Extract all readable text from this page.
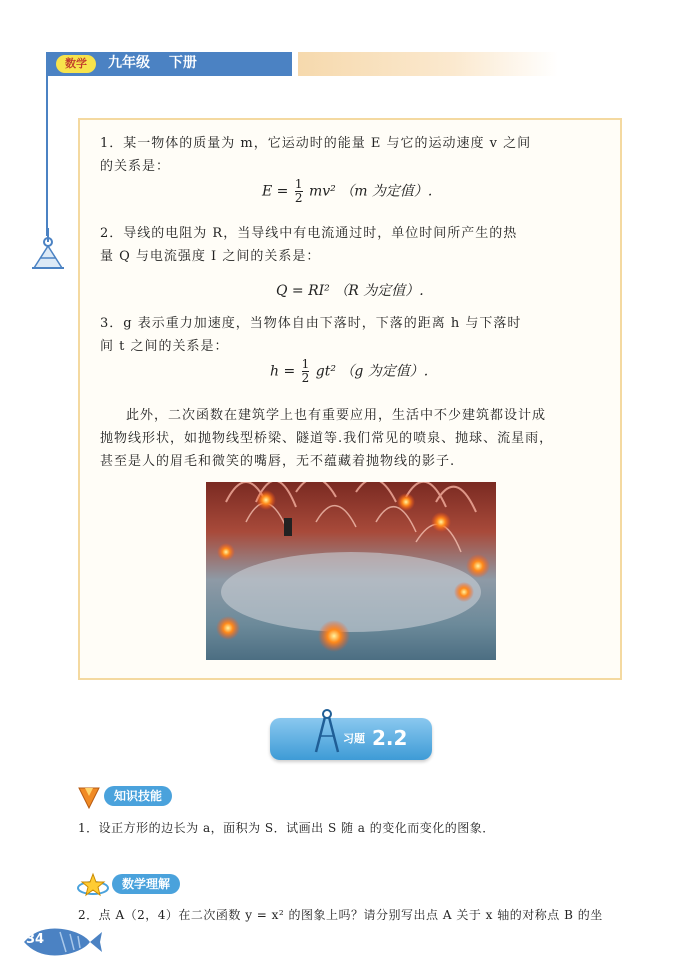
数学	九年级 下册
1．某一物体的质量为 m，它运动时的能量 E 与它的运动速度 v 之间
的关系是：
$E = \frac{1}{2} mv^2$ （m 为定值）.
2．导线的电阻为 R，当导线中有电流通过时，单位时间所产生的热
量 Q 与电流强度 I 之间的关系是：
Q = RI² （R 为定值）.
3．g 表示重力加速度，当物体自由下落时，下落的距离 h 与下落时
间 t 之间的关系是：
$h = \frac{1}{2} gt^2$ （g 为定值）.
此外，二次函数在建筑学上也有重要应用，生活中不少建筑都设计成
抛物线形状，如抛物线型桥梁、隧道等.我们常见的喷泉、抛球、流星雨，
甚至是人的眉毛和微笑的嘴唇，无不蕴藏着抛物线的影子.
习题 2.2
知识技能
1．设正方形的边长为 a，面积为 S．试画出 S 随 a 的变化而变化的图象．
数学理解
2．点 A（2，4）在二次函数 y = x² 的图象上吗？请分别写出点 A 关于 x 轴的对称点 B 的坐
34
